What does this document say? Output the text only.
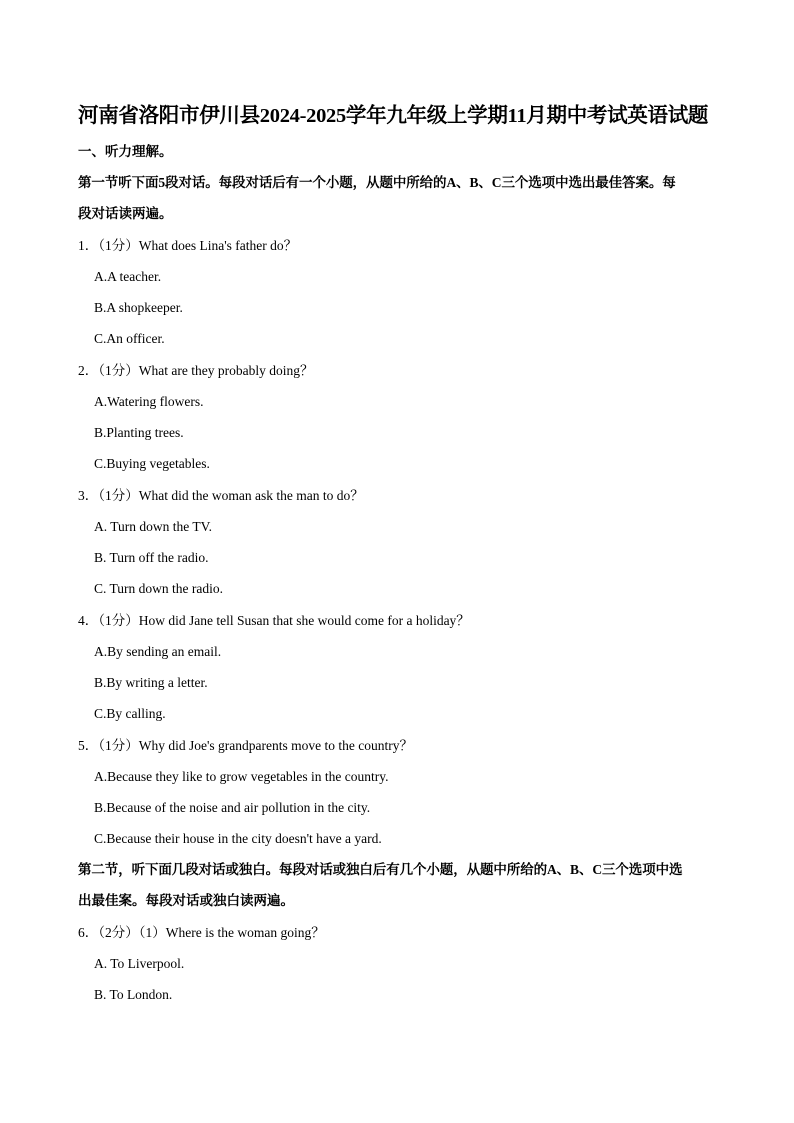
河南省洛阳市伊川县2024-2025学年九年级上学期11月期中考试英语试题
一、听力理解。
第一节听下面5段对话。每段对话后有一个小题，从题中所给的A、B、C三个选项中选出最佳答案。每
段对话读两遍。
1．（1分）What does Lina's father do？
A.A teacher.
B.A shopkeeper.
C.An officer.
2．（1分）What are they probably doing？
A.Watering flowers.
B.Planting trees.
C.Buying vegetables.
3．（1分）What did the woman ask the man to do？
A. Turn down the TV.
B. Turn off the radio.
C. Turn down the radio.
4．（1分）How did Jane tell Susan that she would come for a holiday？
A.By sending an email.
B.By writing a letter.
C.By calling.
5．（1分）Why did Joe's grandparents move to the country？
A.Because they like to grow vegetables in the country.
B.Because of the noise and air pollution in the city.
C.Because their house in the city doesn't have a yard.
第二节，听下面几段对话或独白。每段对话或独白后有几个小题，从题中所给的A、B、C三个选项中选
出最佳案。每段对话或独白读两遍。
6．（2分）（1）Where is the woman going？
A. To Liverpool.
B. To London.
